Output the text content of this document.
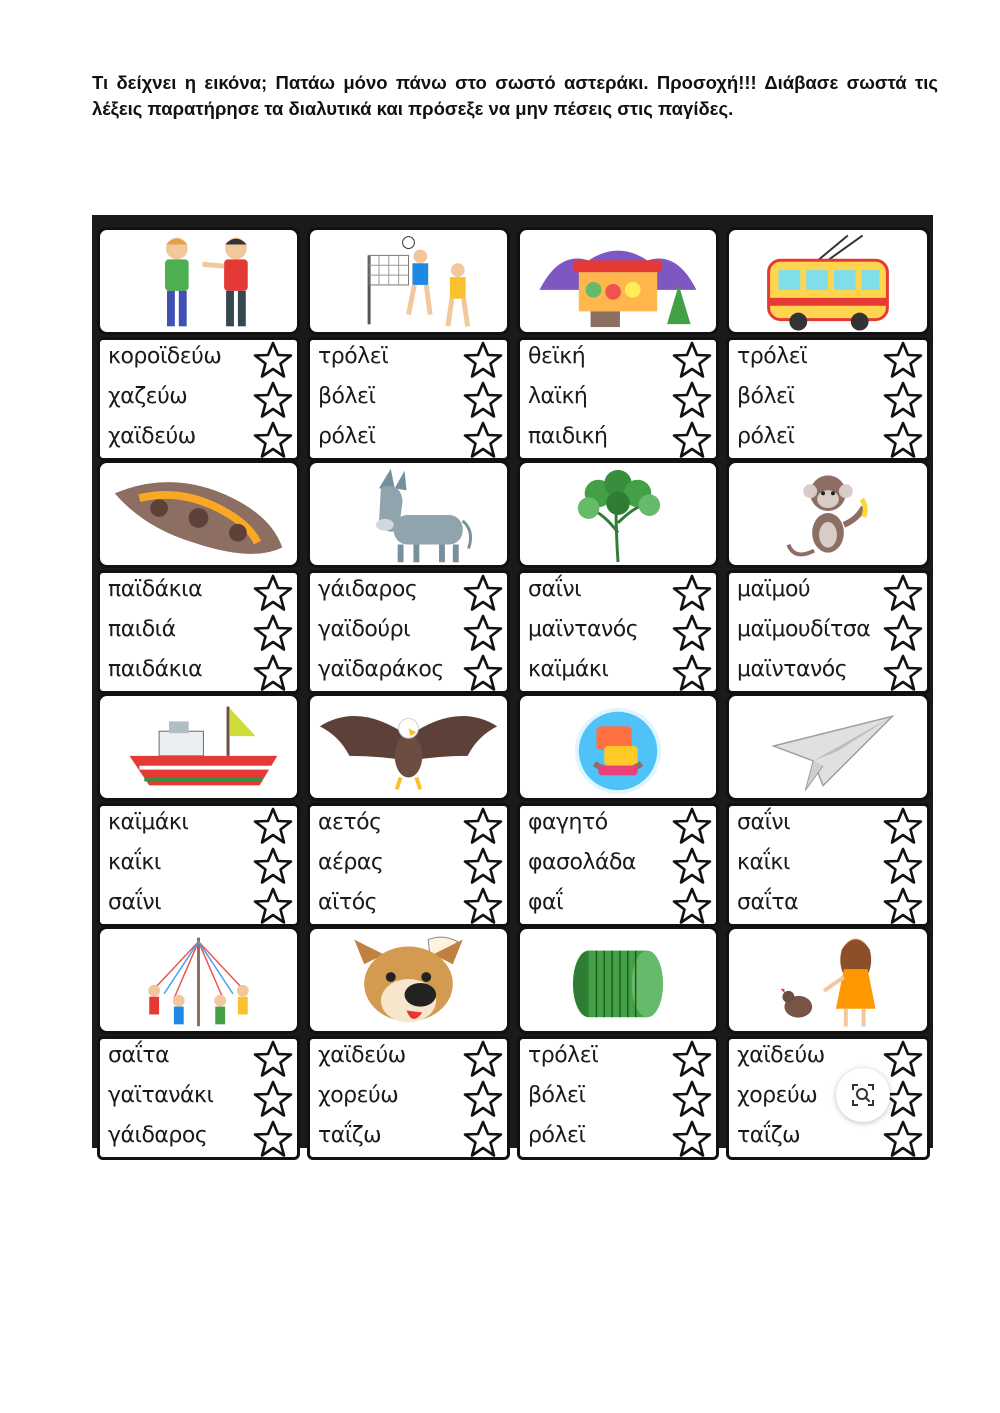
Τι δείχνει η εικόνα; Πατάω μόνο πάνω στο σωστό αστεράκι. Προσοχή!!! Διάβασε σωστά τις λέξεις παρατήρησε τα διαλυτικά και πρόσεξε να μην πέσεις στις παγίδες.

κοροϊδεύω
χαζεύω
χαϊδεύω
τρόλεϊ
βόλεϊ
ρόλεϊ
θεϊκή
λαϊκή
παιδική
τρόλεϊ
βόλεϊ
ρόλεϊ
παϊδάκια
παιδιά
παιδάκια
γάιδαρος
γαϊδούρι
γαϊδαράκος
σαΐνι
μαϊντανός
καϊμάκι
μαϊμού
μαϊμουδίτσα
μαϊντανός
καϊμάκι
καΐκι
σαΐνι
αετός
αέρας
αϊτός
φαγητό
φασολάδα
φαΐ
σαΐνι
καΐκι
σαΐτα
σαΐτα
γαϊτανάκι
γάιδαρος
χαϊδεύω
χορεύω
ταΐζω
τρόλεϊ
βόλεϊ
ρόλεϊ
χαϊδεύω
χορεύω
ταΐζω
